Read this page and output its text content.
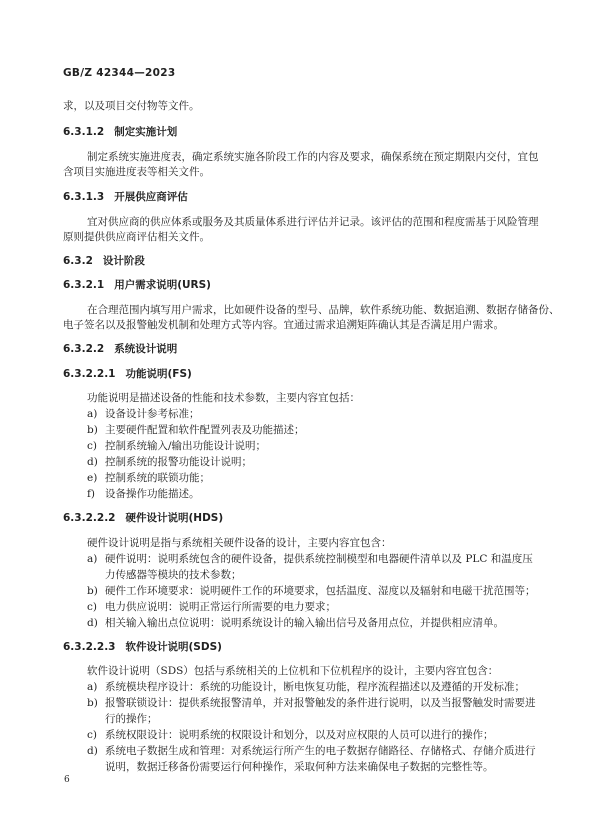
GB/Z 42344—2023
求，以及项目交付物等文件。
6.3.1.2 制定实施计划
制定系统实施进度表，确定系统实施各阶段工作的内容及要求，确保系统在预定期限内交付，宜包
含项目实施进度表等相关文件。
6.3.1.3 开展供应商评估
宜对供应商的供应体系或服务及其质量体系进行评估并记录。该评估的范围和程度需基于风险管理
原则提供供应商评估相关文件。
6.3.2 设计阶段
6.3.2.1 用户需求说明(URS)
在合理范围内填写用户需求，比如硬件设备的型号、品牌，软件系统功能、数据追溯、数据存储备份、
电子签名以及报警触发机制和处理方式等内容。宜通过需求追溯矩阵确认其是否满足用户需求。
6.3.2.2 系统设计说明
6.3.2.2.1 功能说明(FS)
功能说明是描述设备的性能和技术参数，主要内容宜包括：
a) 设备设计参考标准；
b) 主要硬件配置和软件配置列表及功能描述；
c) 控制系统输入/输出功能设计说明；
d) 控制系统的报警功能设计说明；
e) 控制系统的联锁功能；
f) 设备操作功能描述。
6.3.2.2.2 硬件设计说明(HDS)
硬件设计说明是指与系统相关硬件设备的设计，主要内容宜包含：
a) 硬件说明：说明系统包含的硬件设备，提供系统控制模型和电器硬件清单以及 PLC 和温度压
力传感器等模块的技术参数；
b) 硬件工作环境要求：说明硬件工作的环境要求，包括温度、湿度以及辐射和电磁干扰范围等；
c) 电力供应说明：说明正常运行所需要的电力要求；
d) 相关输入输出点位说明：说明系统设计的输入输出信号及备用点位，并提供相应清单。
6.3.2.2.3 软件设计说明(SDS)
软件设计说明（SDS）包括与系统相关的上位机和下位机程序的设计，主要内容宜包含：
a) 系统模块程序设计：系统的功能设计，断电恢复功能，程序流程描述以及遵循的开发标准；
b) 报警联锁设计：提供系统报警清单，并对报警触发的条件进行说明，以及当报警触发时需要进
行的操作；
c) 系统权限设计：说明系统的权限设计和划分，以及对应权限的人员可以进行的操作；
d) 系统电子数据生成和管理：对系统运行所产生的电子数据存储路径、存储格式、存储介质进行
说明，数据迁移备份需要运行何种操作，采取何种方法来确保电子数据的完整性等。
6
